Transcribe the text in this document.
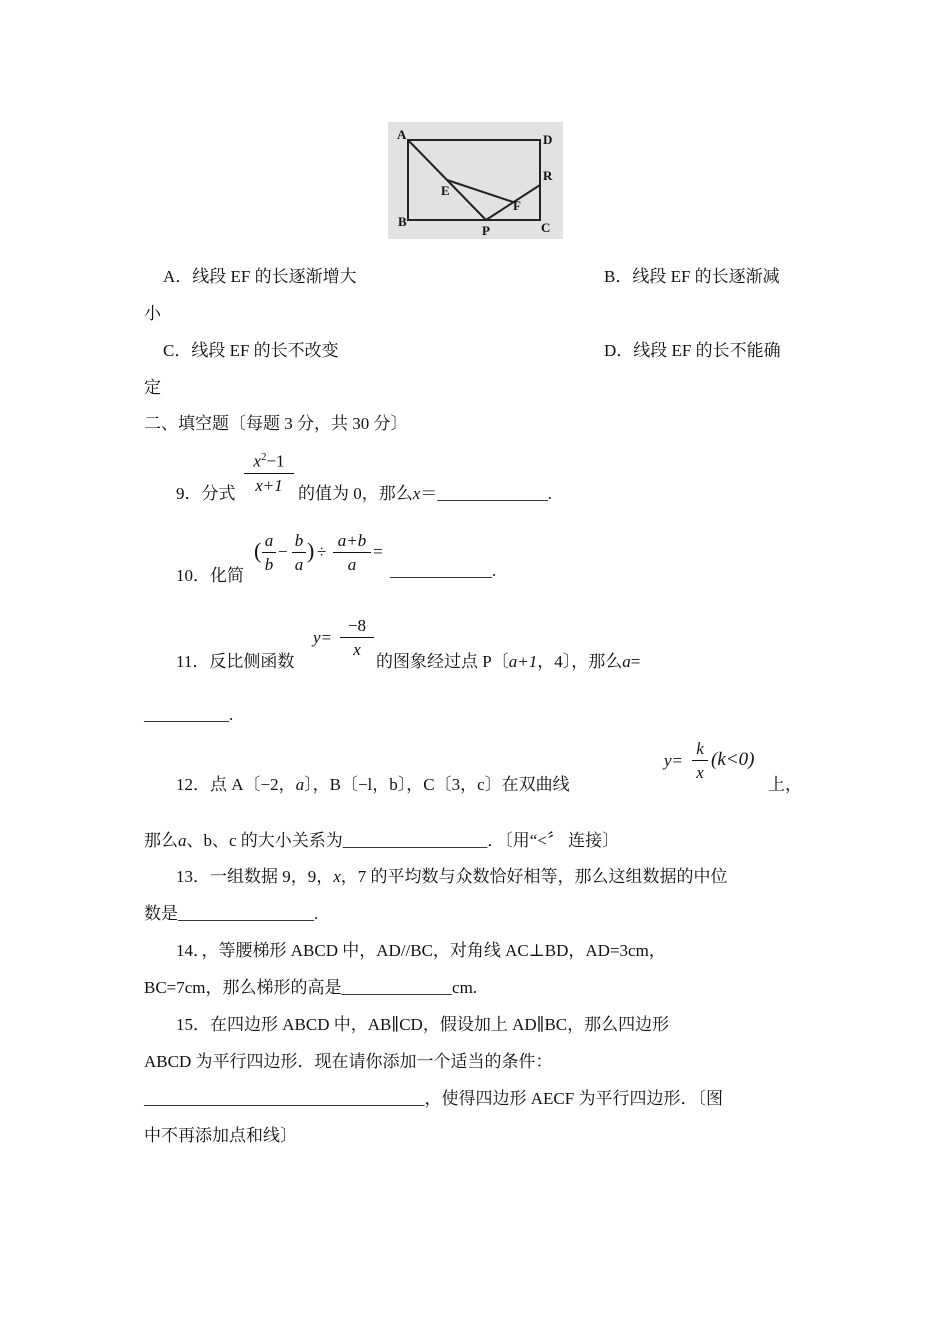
A	D
R
E
F
B
P	C
A．线段 EF 的长逐渐增大	B．线段 EF 的长逐渐减
小
C．线段 EF 的长不改变	D．线段 EF 的长不能确
定
二、填空题〔每题 3 分，共 30 分〕
9．分式
$x^2-1$
x+1 的值为 0，那么x＝_____________.
10．化简
( a
b
−
b
a
) ÷
a+b
a
=
____________.
11．反比侧函数
y=
−8
x
的图象经过点 P〔a+1，4〕，那么a=
__________.
12．点 A〔−2，a〕，B〔−l，b〕，C〔3，c〕在双曲线
y=
k
x
(k<0)
上，
那么a、b、c 的大小关系为_________________．〔用“<〞 连接〕
13．一组数据 9，9，x，7 的平均数与众数恰好相等，那么这组数据的中位
数是________________.
14．，等腰梯形 ABCD 中，AD//BC，对角线 AC⊥BD，AD=3cm，
BC=7cm，那么梯形的高是_____________cm.
15．在四边形 ABCD 中，AB∥CD，假设加上 AD∥BC，那么四边形
ABCD 为平行四边形．现在请你添加一个适当的条件：
_________________________________，使得四边形 AECF 为平行四边形．〔图
中不再添加点和线〕
